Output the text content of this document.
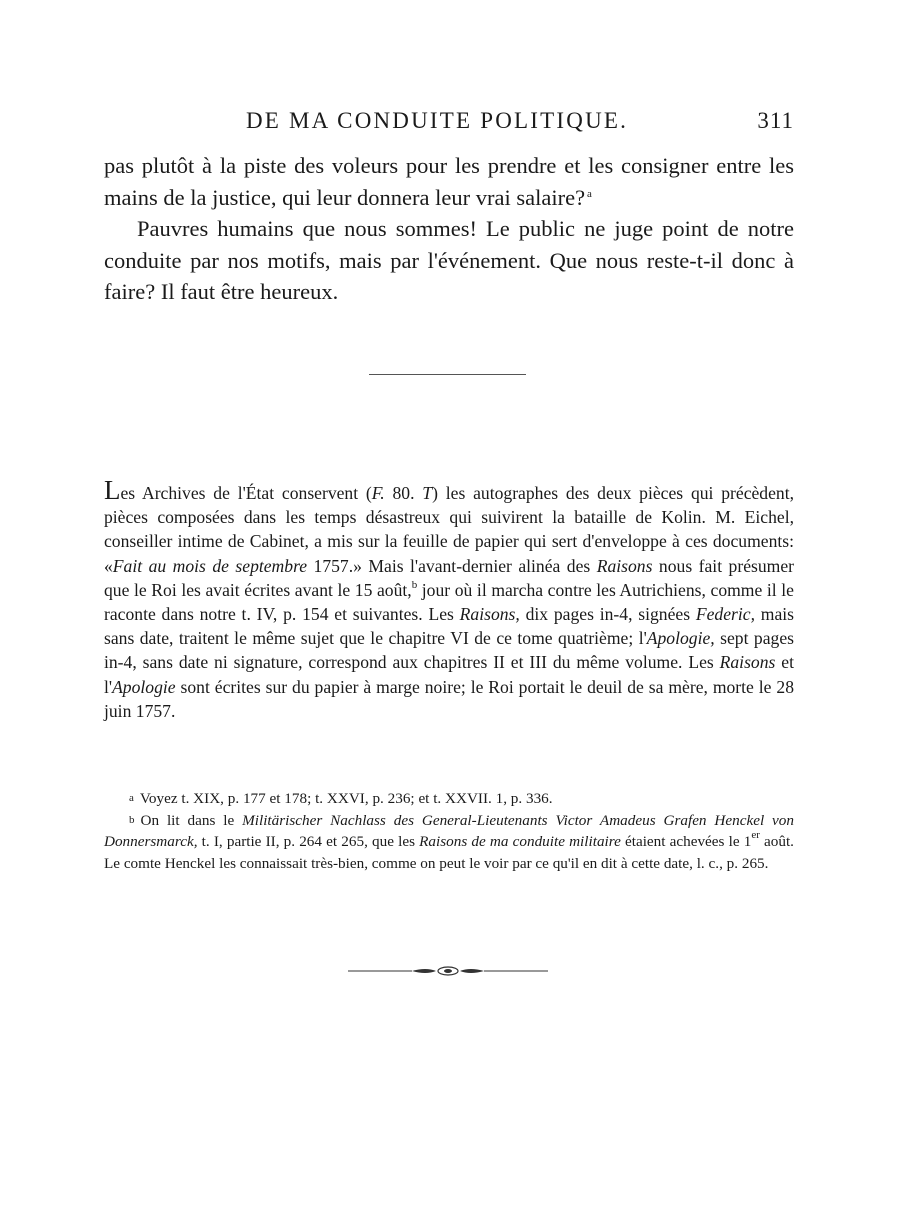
DE MA CONDUITE POLITIQUE.	311

pas plutôt à la piste des voleurs pour les prendre et les consigner entre les mains de la justice, qui leur donnera leur vrai salaire?  $^a$

Pauvres humains que nous sommes! Le public ne juge point de notre conduite par nos motifs, mais par l'événement. Que nous reste-t-il donc à faire? Il faut être heureux.

Les Archives de l'État conservent (F. 80. T) les autographes des deux pièces qui précèdent, pièces composées dans les temps désastreux qui suivirent la bataille de Kolin. M. Eichel, conseiller intime de Cabinet, a mis sur la feuille de papier qui sert d'enveloppe à ces documents: «Fait au mois de septembre 1757.» Mais l'avant-dernier alinéa des Raisons nous fait présumer que le Roi les avait écrites avant le 15 août,$^b$ jour où il marcha contre les Autrichiens, comme il le raconte dans notre t. IV, p. 154 et suivantes. Les Raisons, dix pages in-4, signées Federic, mais sans date, traitent le même sujet que le chapitre VI de ce tome quatrième; l'Apologie, sept pages in-4, sans date ni signature, correspond aux chapitres II et III du même volume. Les Raisons et l'Apologie sont écrites sur du papier à marge noire; le Roi portait le deuil de sa mère, morte le 28 juin 1757.

a Voyez t. XIX, p. 177 et 178; t. XXVI, p. 236; et t. XXVII. 1, p. 336.

b On lit dans le Militärischer Nachlass des General-Lieutenants Victor Amadeus Grafen Henckel von Donnersmarck, t. I, partie II, p. 264 et 265, que les Raisons de ma conduite militaire étaient achevées le 1er août. Le comte Henckel les connaissait très-bien, comme on peut le voir par ce qu'il en dit à cette date, l. c., p. 265.
